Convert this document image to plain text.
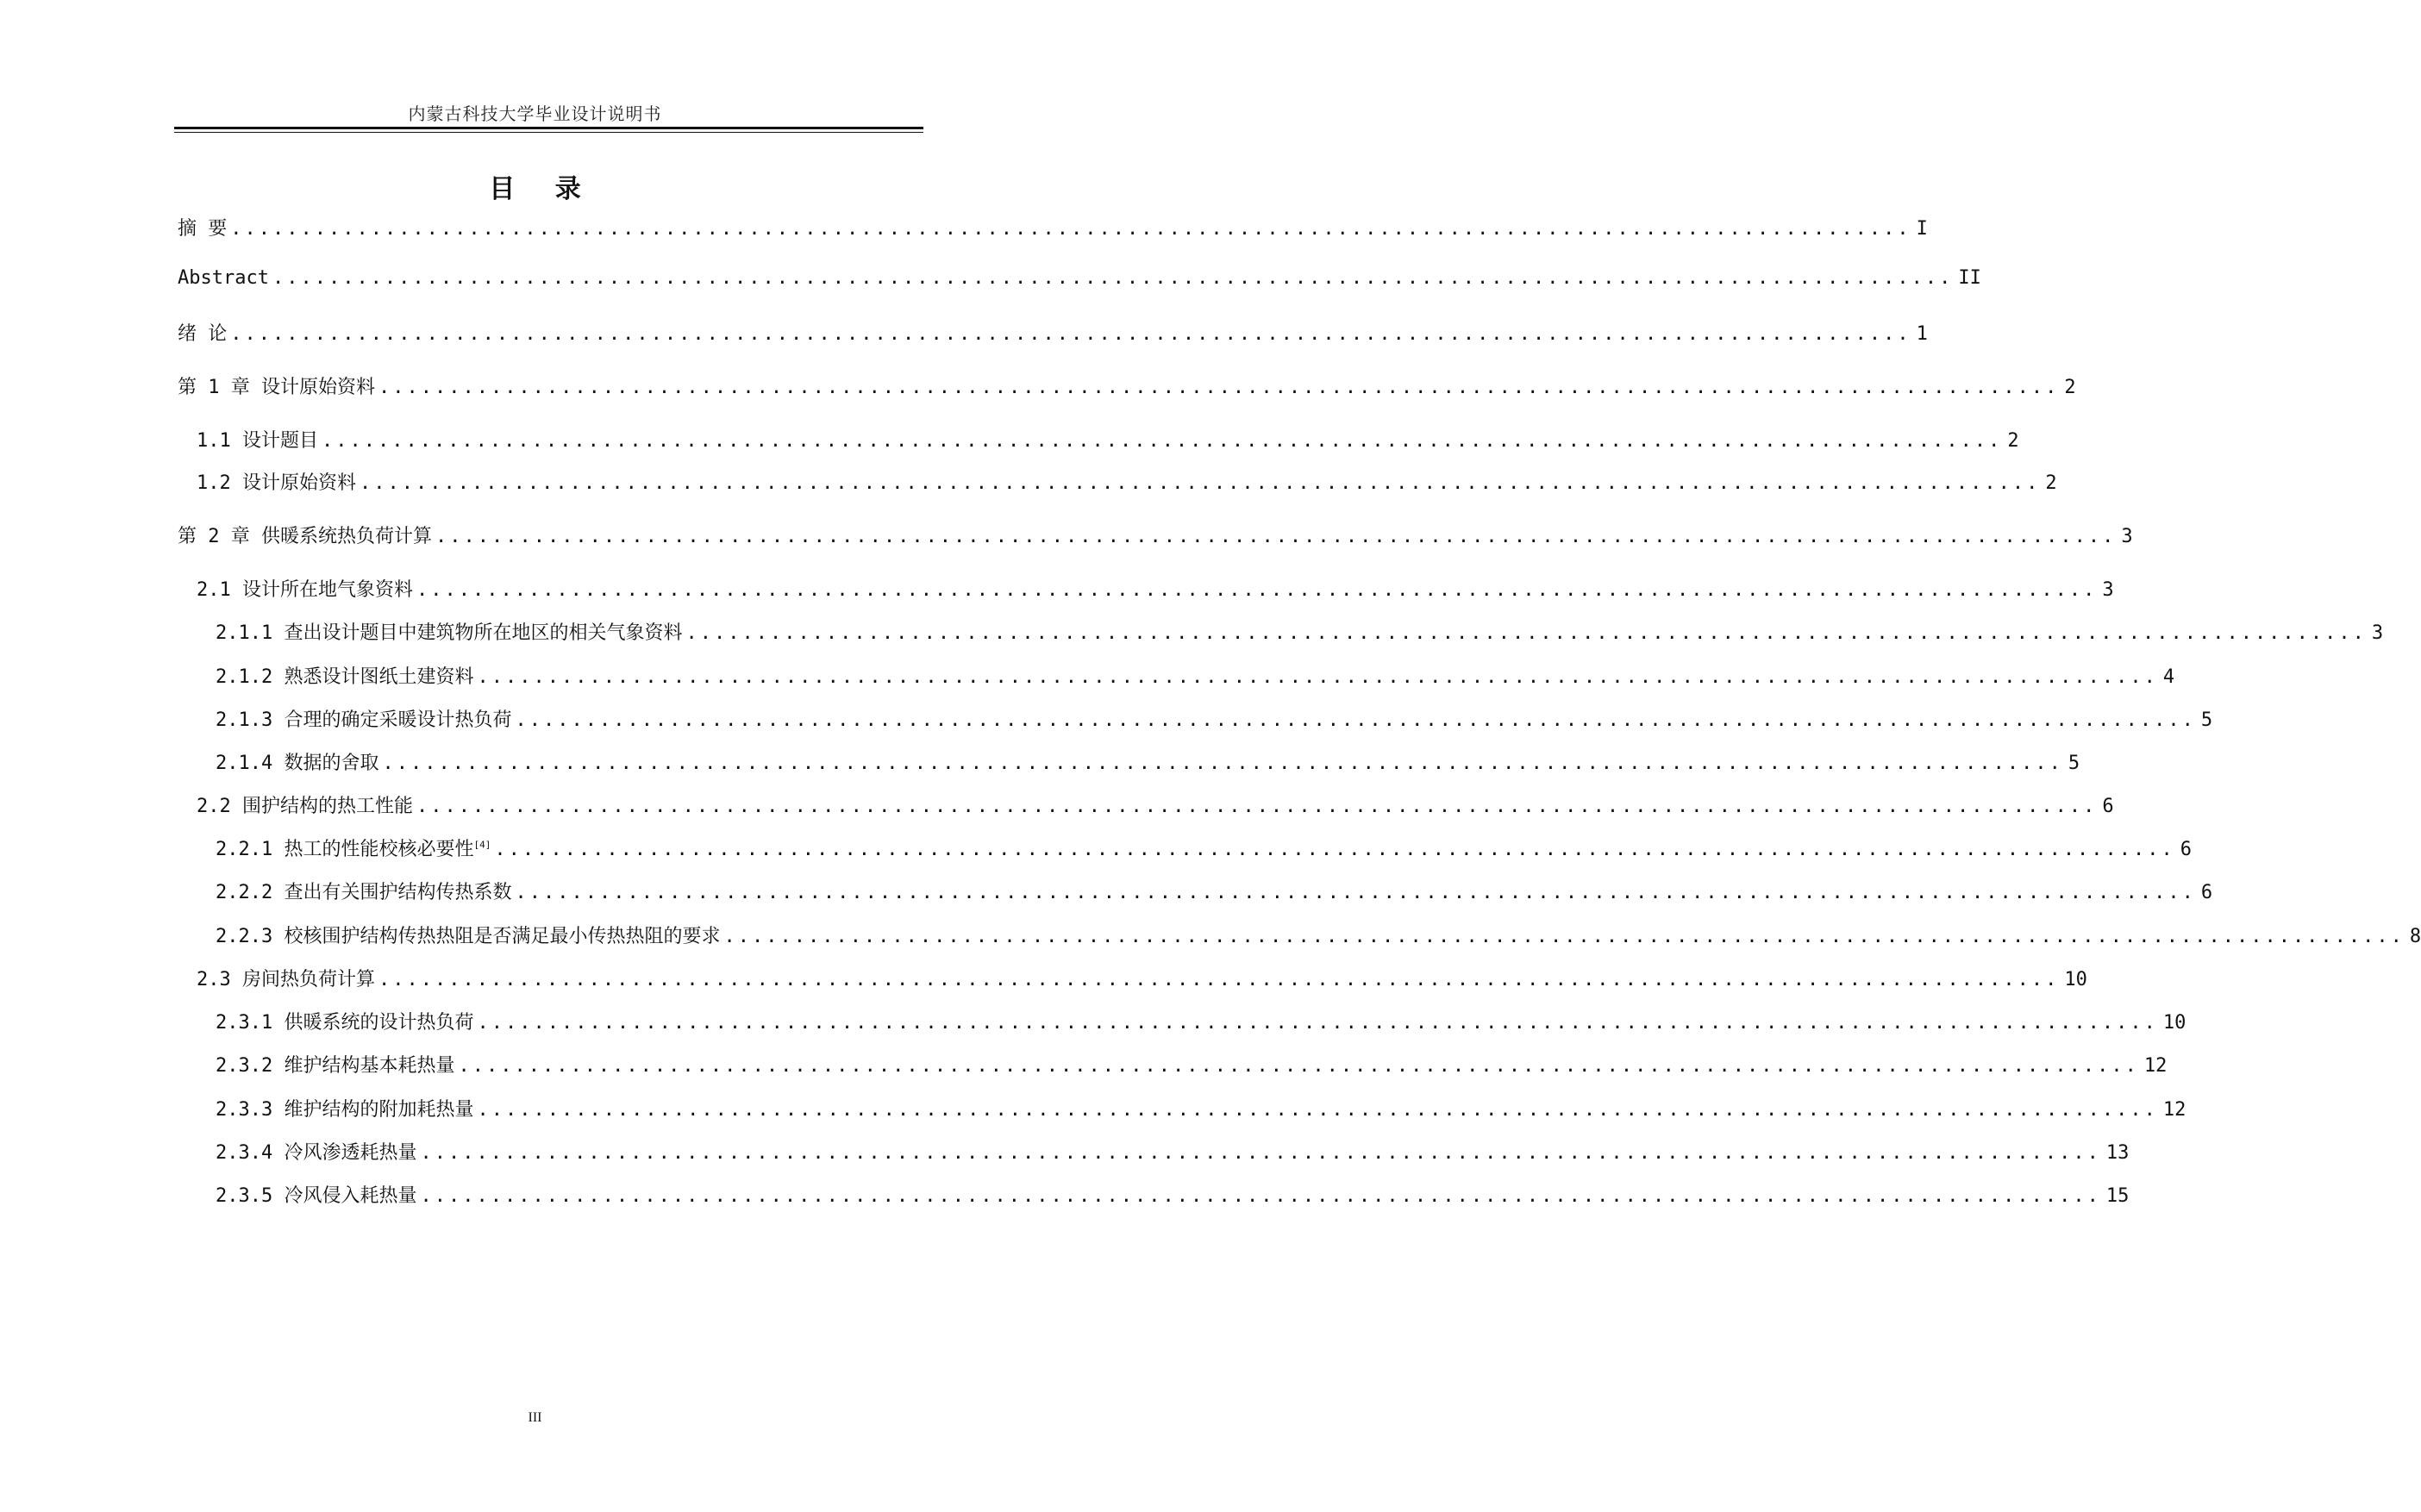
内蒙古科技大学毕业设计说明书
目 录
摘 要 ........................................................................................................................ I
Abstract ........................................................................................................................ II
绪 论 ........................................................................................................................ 1
第 1 章 设计原始资料 ........................................................................................................................ 2
1.1 设计题目 ........................................................................................................................ 2
1.2 设计原始资料 ........................................................................................................................ 2
第 2 章 供暖系统热负荷计算 ........................................................................................................................ 3
2.1 设计所在地气象资料 ........................................................................................................................ 3
2.1.1 查出设计题目中建筑物所在地区的相关气象资料 ........................................................................................................................ 3
2.1.2 熟悉设计图纸土建资料 ........................................................................................................................ 4
2.1.3 合理的确定采暖设计热负荷 ........................................................................................................................ 5
2.1.4 数据的舍取 ........................................................................................................................ 5
2.2 围护结构的热工性能 ........................................................................................................................ 6
2.2.1 热工的性能校核必要性[4] ........................................................................................................................ 6
2.2.2 查出有关围护结构传热系数 ........................................................................................................................ 6
2.2.3 校核围护结构传热热阻是否满足最小传热热阻的要求 ........................................................................................................................ 8
2.3 房间热负荷计算 ........................................................................................................................ 10
2.3.1 供暖系统的设计热负荷 ........................................................................................................................ 10
2.3.2 维护结构基本耗热量 ........................................................................................................................ 12
2.3.3 维护结构的附加耗热量 ........................................................................................................................ 12
2.3.4 冷风渗透耗热量 ........................................................................................................................ 13
2.3.5 冷风侵入耗热量 ........................................................................................................................ 15
III
